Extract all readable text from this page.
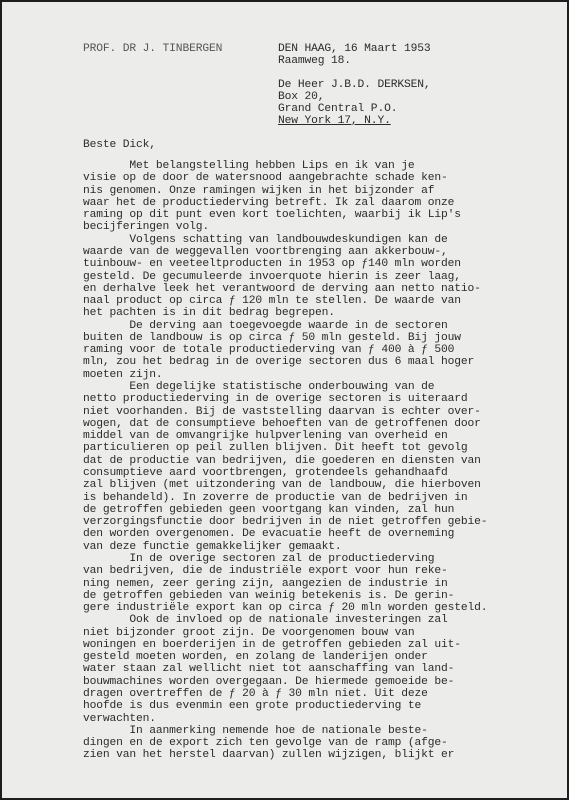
PROF. DR J. TINBERGEN	DEN HAAG, 16 Maart 1953
Raamweg 18.
De Heer J.B.D. DERKSEN,
Box 20,
Grand Central P.O.
New York 17, N.Y.
Beste Dick,
Met belangstelling hebben Lips en ik van je
visie op de door de watersnood aangebrachte schade ken-
nis genomen. Onze ramingen wijken in het bijzonder af
waar het de productiederving betreft. Ik zal daarom onze
raming op dit punt even kort toelichten, waarbij ik Lip's
becijferingen volg.
Volgens schatting van landbouwdeskundigen kan de
waarde van de weggevallen voortbrenging aan akkerbouw-,
tuinbouw- en veeteeltproducten in 1953 op ƒ140 mln worden
gesteld. De gecumuleerde invoerquote hierin is zeer laag,
en derhalve leek het verantwoord de derving aan netto natio-
naal product op circa ƒ 120 mln te stellen. De waarde van
het pachten is in dit bedrag begrepen.
De derving aan toegevoegde waarde in de sectoren
buiten de landbouw is op circa ƒ 50 mln gesteld. Bij jouw
raming voor de totale productiederving van ƒ 400 à ƒ 500
mln, zou het bedrag in de overige sectoren dus 6 maal hoger
moeten zijn.
Een degelijke statistische onderbouwing van de
netto productiederving in de overige sectoren is uiteraard
niet voorhanden. Bij de vaststelling daarvan is echter over-
wogen, dat de consumptieve behoeften van de getroffenen door
middel van de omvangrijke hulpverlening van overheid en
particulieren op peil zullen blijven. Dit heeft tot gevolg
dat de productie van bedrijven, die goederen en diensten van
consumptieve aard voortbrengen, grotendeels gehandhaafd
zal blijven (met uitzondering van de landbouw, die hierboven
is behandeld). In zoverre de productie van de bedrijven in
de getroffen gebieden geen voortgang kan vinden, zal hun
verzorgingsfunctie door bedrijven in de niet getroffen gebie-
den worden overgenomen. De evacuatie heeft de overneming
van deze functie gemakkelijker gemaakt.
In de overige sectoren zal de productiederving
van bedrijven, die de industriële export voor hun reke-
ning nemen, zeer gering zijn, aangezien de industrie in
de getroffen gebieden van weinig betekenis is. De gerin-
gere industriële export kan op circa ƒ 20 mln worden gesteld.
Ook de invloed op de nationale investeringen zal
niet bijzonder groot zijn. De voorgenomen bouw van
woningen en boerderijen in de getroffen gebieden zal uit-
gesteld moeten worden, en zolang de landerijen onder
water staan zal wellicht niet tot aanschaffing van land-
bouwmachines worden overgegaan. De hiermede gemoeide be-
dragen overtreffen de ƒ 20 à ƒ 30 mln niet. Uit deze
hoofde is dus evenmin een grote productiederving te
verwachten.
In aanmerking nemende hoe de nationale beste-
dingen en de export zich ten gevolge van de ramp (afge-
zien van het herstel daarvan) zullen wijzigen, blijkt er
